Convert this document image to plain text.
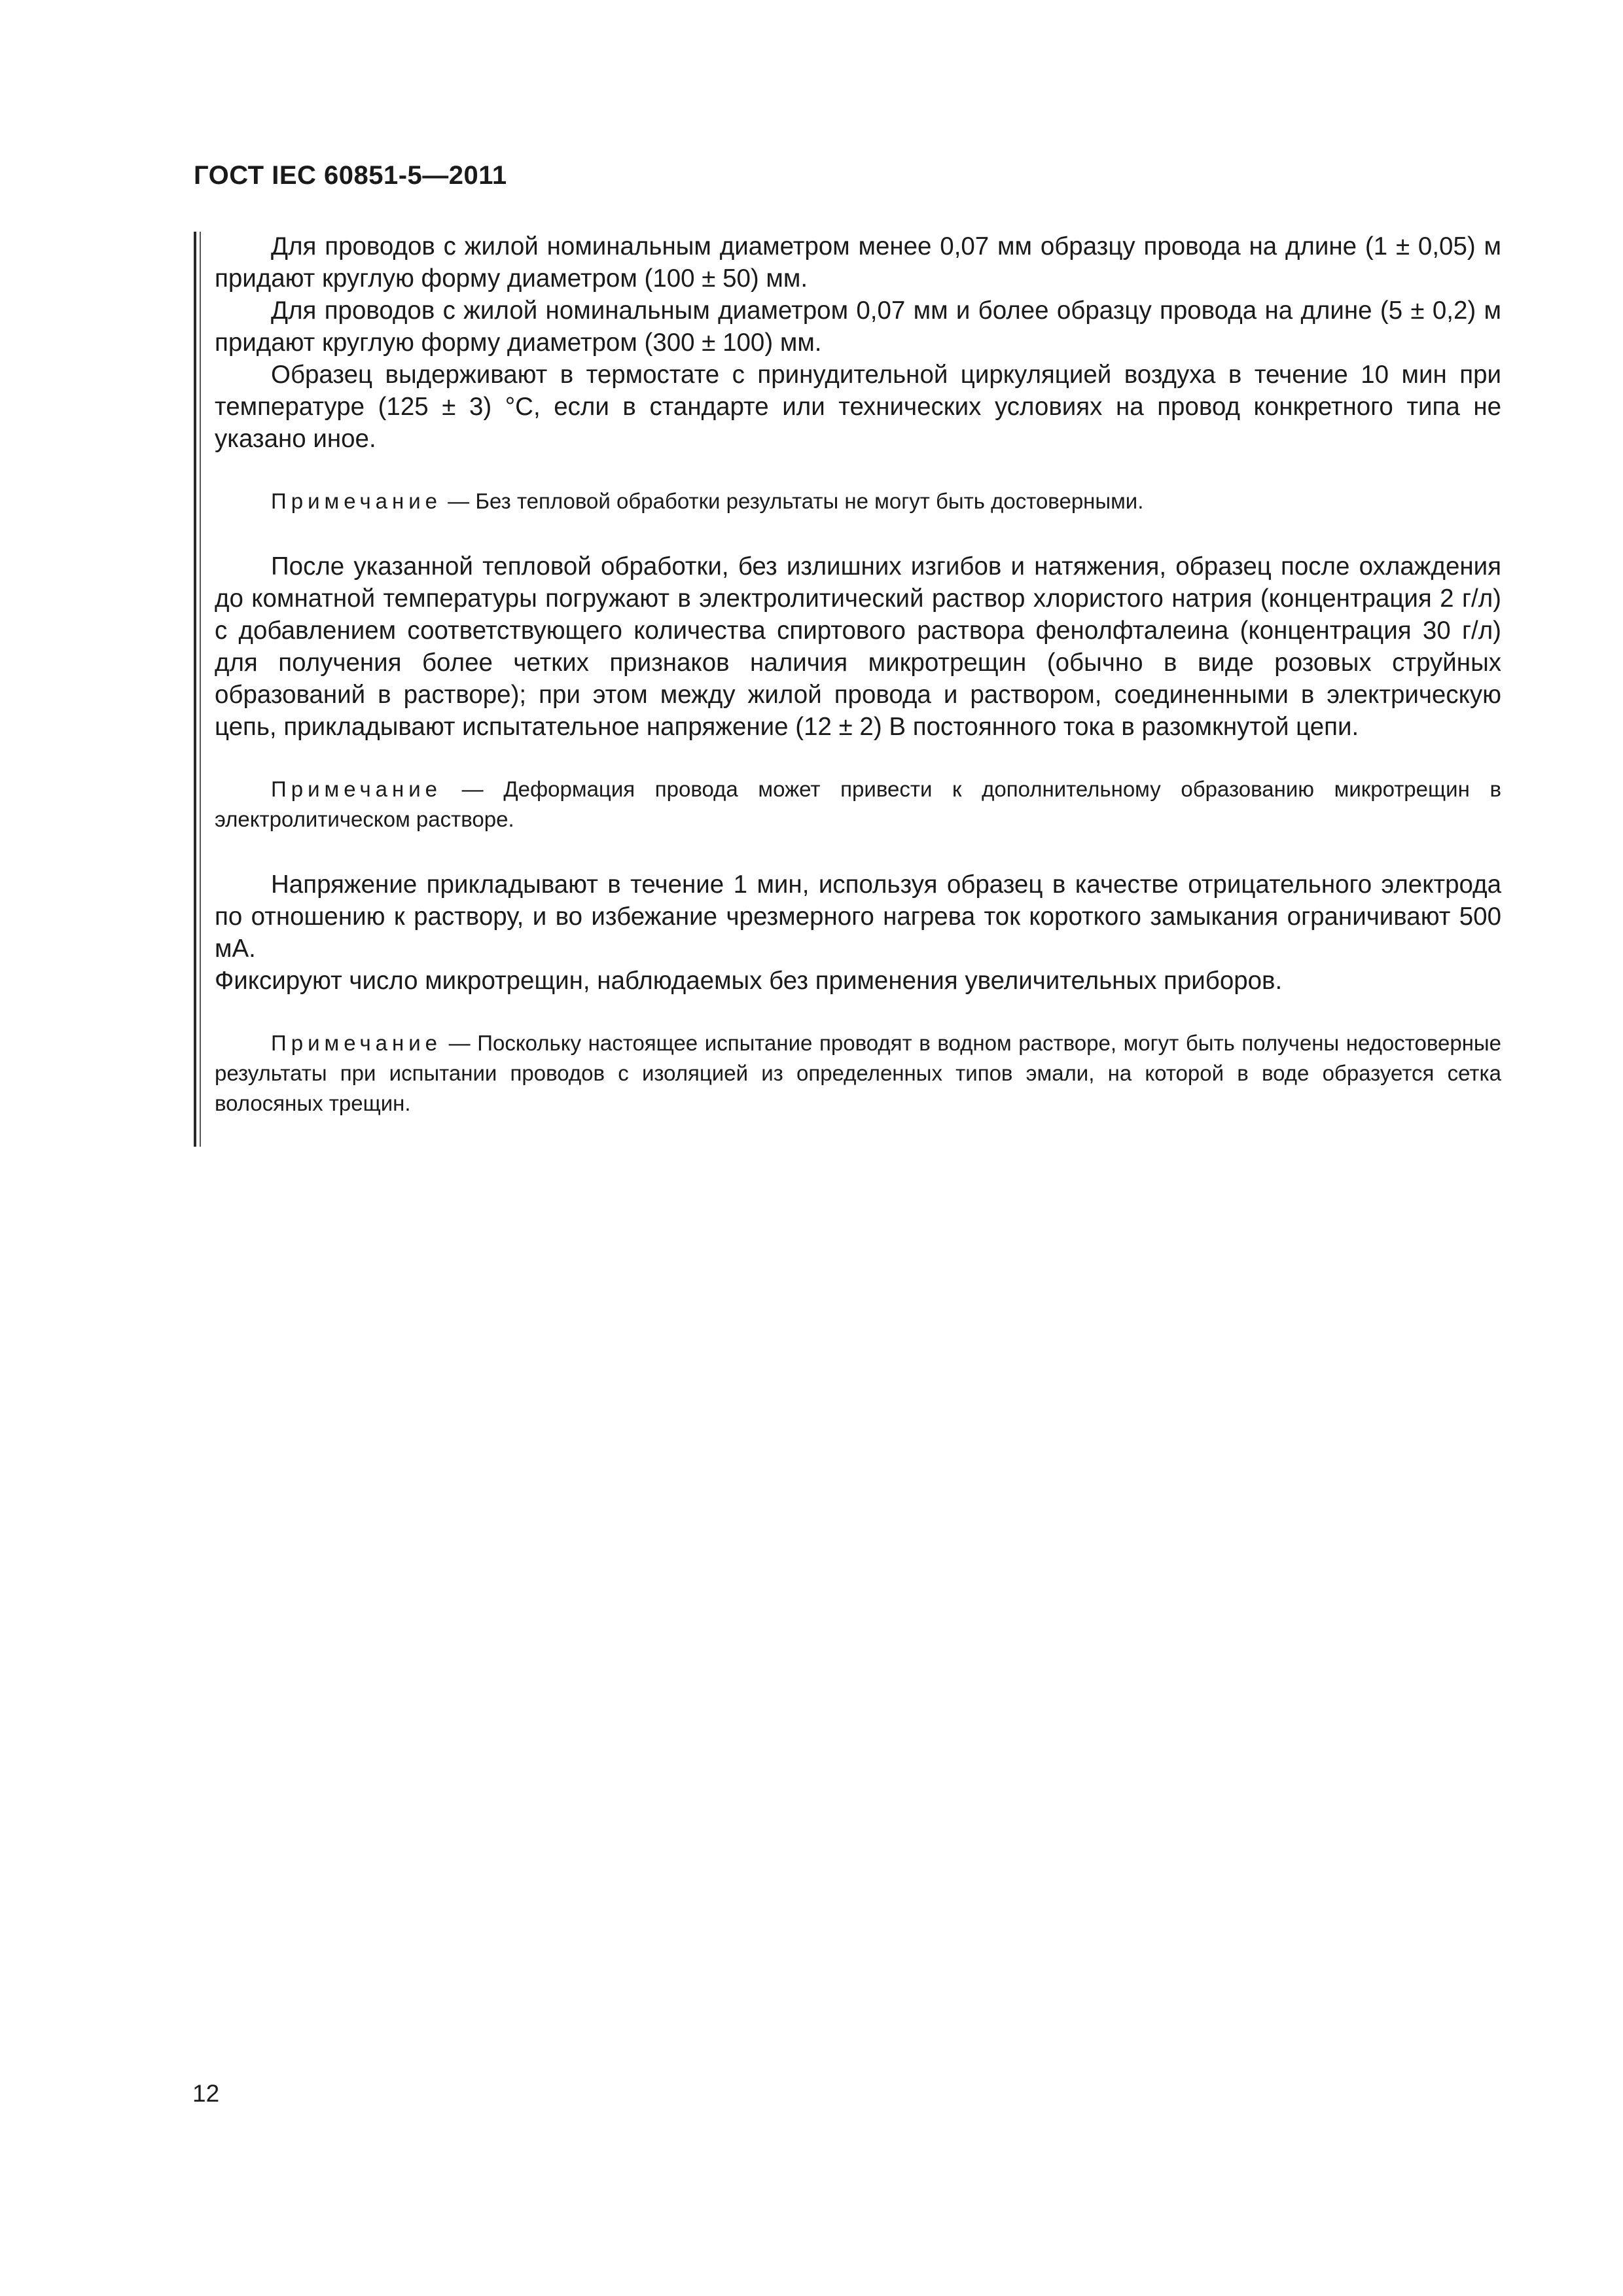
ГОСТ IEC 60851-5—2011

Для проводов с жилой номинальным диаметром менее 0,07 мм образцу провода на длине (1 ± 0,05) м придают круглую форму диаметром (100 ± 50) мм.

Для проводов с жилой номинальным диаметром 0,07 мм и более образцу провода на длине (5 ± 0,2) м придают круглую форму диаметром (300 ± 100) мм.

Образец выдерживают в термостате с принудительной циркуляцией воздуха в течение 10 мин при температуре (125 ± 3) °С, если в стандарте или технических условиях на провод конкретного типа не указано иное.

Примечание — Без тепловой обработки результаты не могут быть достоверными.

После указанной тепловой обработки, без излишних изгибов и натяжения, образец после охлаждения до комнатной температуры погружают в электролитический раствор хлористого натрия (концентрация 2 г/л) с добавлением соответствующего количества спиртового раствора фенолфталеина (концентрация 30 г/л) для получения более четких признаков наличия микротрещин (обычно в виде розовых струйных образований в растворе); при этом между жилой провода и раствором, соединенными в электрическую цепь, прикладывают испытательное напряжение (12 ± 2) В постоянного тока в разомкнутой цепи.

Примечание — Деформация провода может привести к дополнительному образованию микротрещин в электролитическом растворе.

Напряжение прикладывают в течение 1 мин, используя образец в качестве отрицательного электрода по отношению к раствору, и во избежание чрезмерного нагрева ток короткого замыкания ограничивают 500 мА.

Фиксируют число микротрещин, наблюдаемых без применения увеличительных приборов.

Примечание — Поскольку настоящее испытание проводят в водном растворе, могут быть получены недостоверные результаты при испытании проводов с изоляцией из определенных типов эмали, на которой в воде образуется сетка волосяных трещин.

12
